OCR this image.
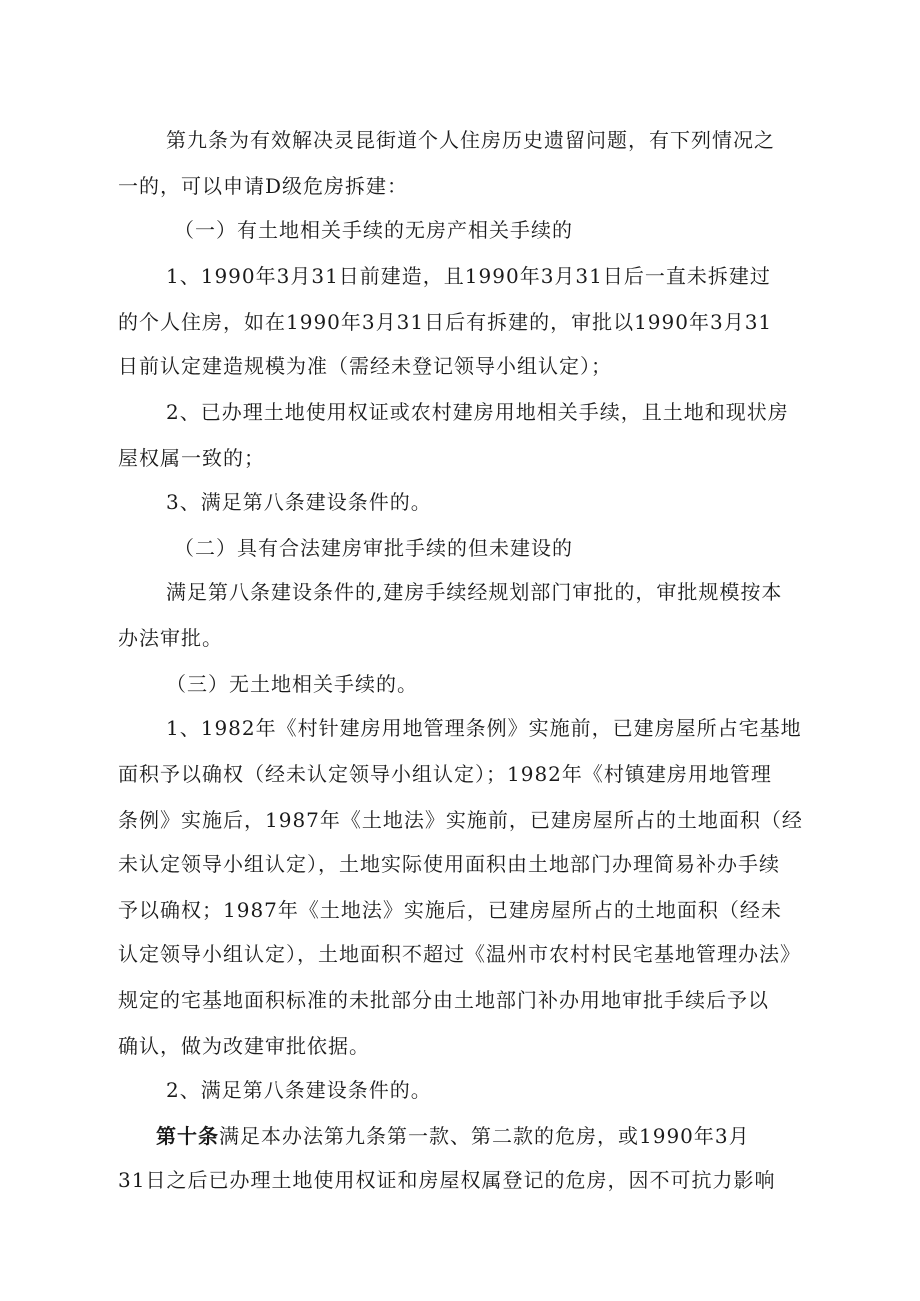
第九条为有效解决灵昆街道个人住房历史遗留问题，有下列情况之
一的，可以申请D级危房拆建：
（一）有土地相关手续的无房产相关手续的
1、1990年3月31日前建造，且1990年3月31日后一直未拆建过
的个人住房，如在1990年3月31日后有拆建的，审批以1990年3月31
日前认定建造规模为准（需经未登记领导小组认定）；
2、已办理土地使用权证或农村建房用地相关手续，且土地和现状房
屋权属一致的；
3、满足第八条建设条件的。
（二）具有合法建房审批手续的但未建设的
满足第八条建设条件的,建房手续经规划部门审批的，审批规模按本
办法审批。
（三）无土地相关手续的。
1、1982年《村针建房用地管理条例》实施前，已建房屋所占宅基地
面积予以确权（经未认定领导小组认定）；1982年《村镇建房用地管理
条例》实施后，1987年《土地法》实施前，已建房屋所占的土地面积（经
未认定领导小组认定），土地实际使用面积由土地部门办理简易补办手续
予以确权；1987年《土地法》实施后，已建房屋所占的土地面积（经未
认定领导小组认定），土地面积不超过《温州市农村村民宅基地管理办法》
规定的宅基地面积标准的未批部分由土地部门补办用地审批手续后予以
确认，做为改建审批依据。
2、满足第八条建设条件的。
第十条满足本办法第九条第一款、第二款的危房，或1990年3月
31日之后已办理土地使用权证和房屋权属登记的危房，因不可抗力影响
